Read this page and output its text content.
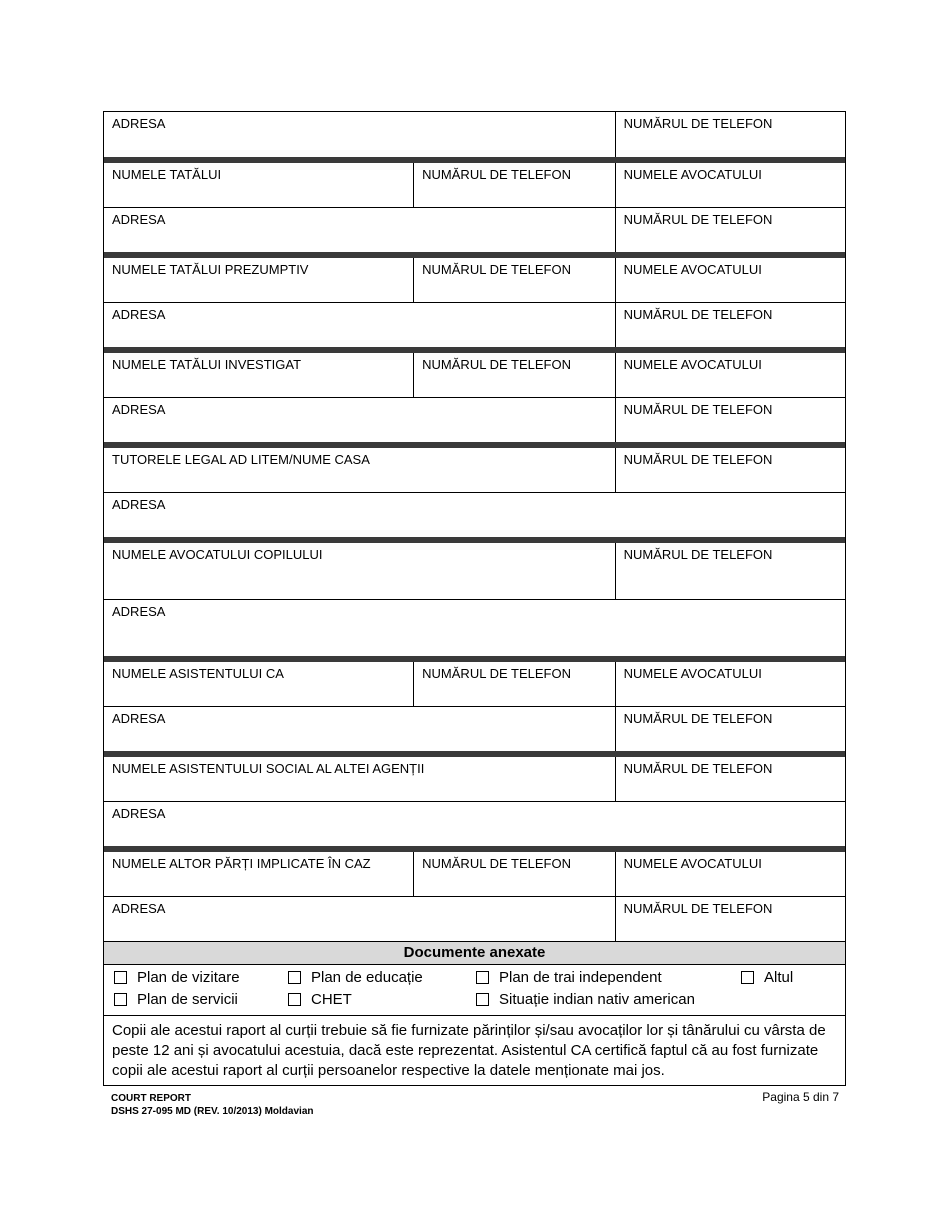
ADRESA	NUMĂRUL DE TELEFON
NUMELE TATĂLUI	NUMĂRUL DE TELEFON	NUMELE AVOCATULUI
ADRESA	NUMĂRUL DE TELEFON
NUMELE TATĂLUI PREZUMPTIV	NUMĂRUL DE TELEFON	NUMELE AVOCATULUI
ADRESA	NUMĂRUL DE TELEFON
NUMELE TATĂLUI INVESTIGAT	NUMĂRUL DE TELEFON	NUMELE AVOCATULUI
ADRESA	NUMĂRUL DE TELEFON
TUTORELE LEGAL AD LITEM/NUME CASA	NUMĂRUL DE TELEFON
ADRESA
NUMELE AVOCATULUI COPILULUI	NUMĂRUL DE TELEFON
ADRESA
NUMELE ASISTENTULUI CA	NUMĂRUL DE TELEFON	NUMELE AVOCATULUI
ADRESA	NUMĂRUL DE TELEFON
NUMELE ASISTENTULUI SOCIAL AL ALTEI AGENȚII	NUMĂRUL DE TELEFON
ADRESA
NUMELE ALTOR PĂRȚI IMPLICATE ÎN CAZ	NUMĂRUL DE TELEFON	NUMELE AVOCATULUI
ADRESA	NUMĂRUL DE TELEFON
Documente anexate
Plan de vizitare	Plan de educație	Plan de trai independent	Altul
Plan de servicii	CHET	Situație indian nativ american
Copii ale acestui raport al curții trebuie să fie furnizate părinților și/sau avocaților lor și tânărului cu vârsta de peste 12 ani și avocatului acestuia, dacă este reprezentat. Asistentul CA certifică faptul că au fost furnizate copii ale acestui raport al curții persoanelor respective la datele menționate mai jos.
COURT REPORT
DSHS 27-095 MD (REV. 10/2013) Moldavian
Pagina 5 din 7
